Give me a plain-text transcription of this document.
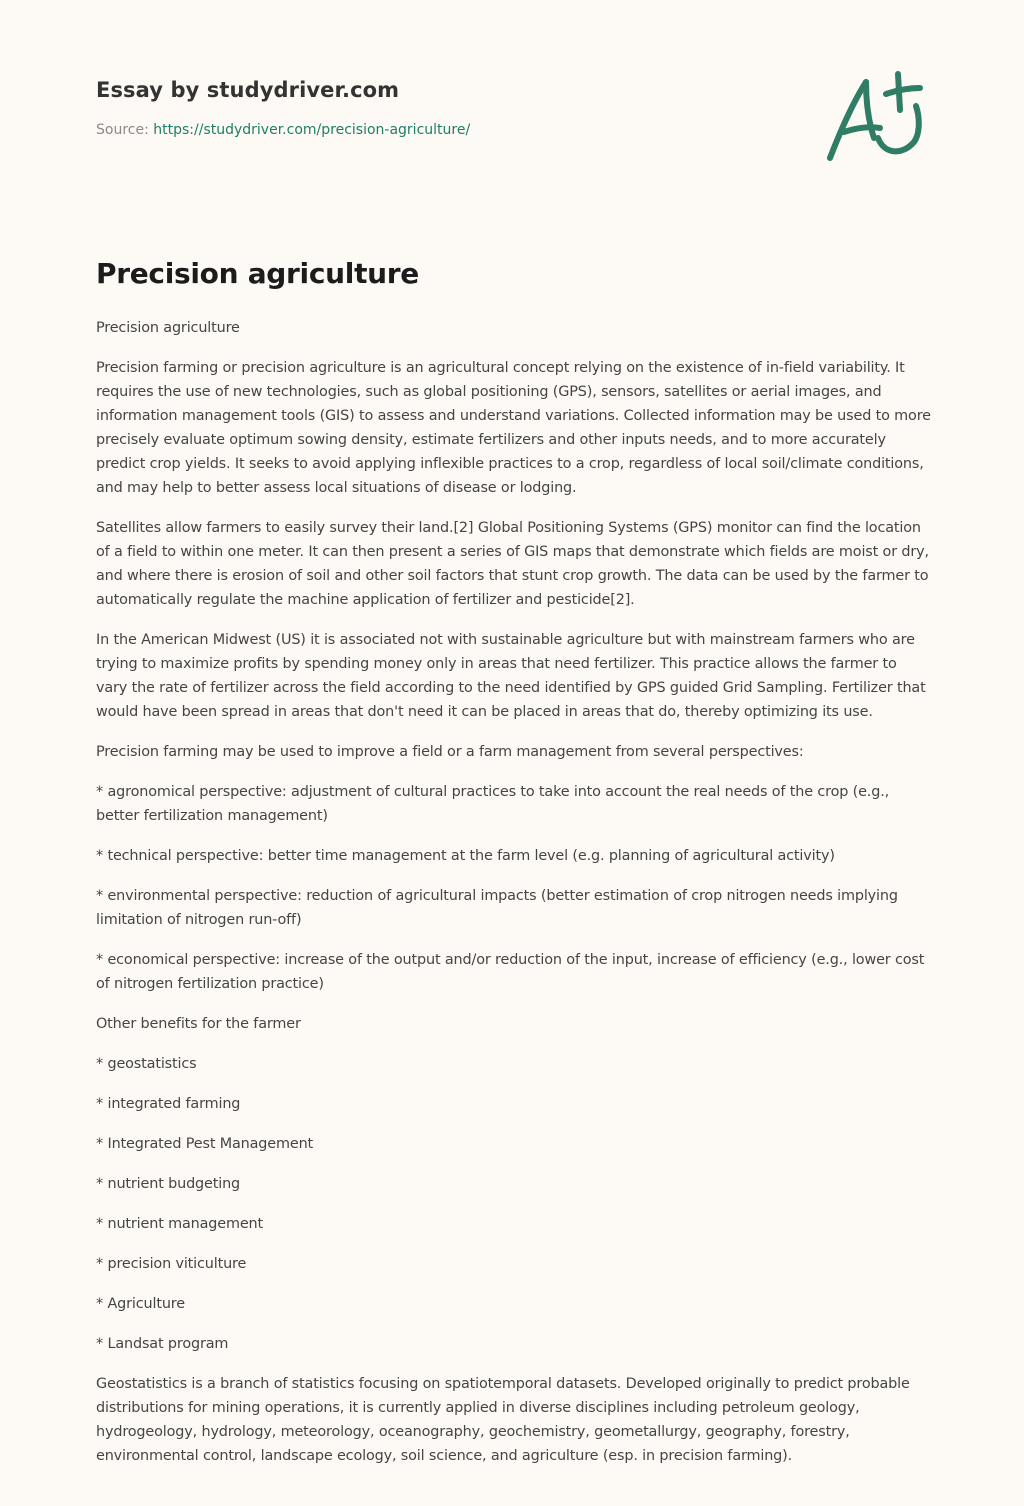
Essay by studydriver.com
Source: https://studydriver.com/precision-agriculture/
Precision agriculture

Precision agriculture

Precision farming or precision agriculture is an agricultural concept relying on the existence of in-field variability. It requires the use of new technologies, such as global positioning (GPS), sensors, satellites or aerial images, and information management tools (GIS) to assess and understand variations. Collected information may be used to more precisely evaluate optimum sowing density, estimate fertilizers and other inputs needs, and to more accurately predict crop yields. It seeks to avoid applying inflexible practices to a crop, regardless of local soil/climate conditions, and may help to better assess local situations of disease or lodging.

Satellites allow farmers to easily survey their land.[2] Global Positioning Systems (GPS) monitor can find the location of a field to within one meter. It can then present a series of GIS maps that demonstrate which fields are moist or dry, and where there is erosion of soil and other soil factors that stunt crop growth. The data can be used by the farmer to automatically regulate the machine application of fertilizer and pesticide[2].

In the American Midwest (US) it is associated not with sustainable agriculture but with mainstream farmers who are trying to maximize profits by spending money only in areas that need fertilizer. This practice allows the farmer to vary the rate of fertilizer across the field according to the need identified by GPS guided Grid Sampling. Fertilizer that would have been spread in areas that don't need it can be placed in areas that do, thereby optimizing its use.

Precision farming may be used to improve a field or a farm management from several perspectives:

* agronomical perspective: adjustment of cultural practices to take into account the real needs of the crop (e.g., better fertilization management)

* technical perspective: better time management at the farm level (e.g. planning of agricultural activity)

* environmental perspective: reduction of agricultural impacts (better estimation of crop nitrogen needs implying limitation of nitrogen run-off)

* economical perspective: increase of the output and/or reduction of the input, increase of efficiency (e.g., lower cost of nitrogen fertilization practice)

Other benefits for the farmer

* geostatistics

* integrated farming

* Integrated Pest Management

* nutrient budgeting

* nutrient management

* precision viticulture

* Agriculture

* Landsat program

Geostatistics is a branch of statistics focusing on spatiotemporal datasets. Developed originally to predict probable distributions for mining operations, it is currently applied in diverse disciplines including petroleum geology, hydrogeology, hydrology, meteorology, oceanography, geochemistry, geometallurgy, geography, forestry, environmental control, landscape ecology, soil science, and agriculture (esp. in precision farming).
